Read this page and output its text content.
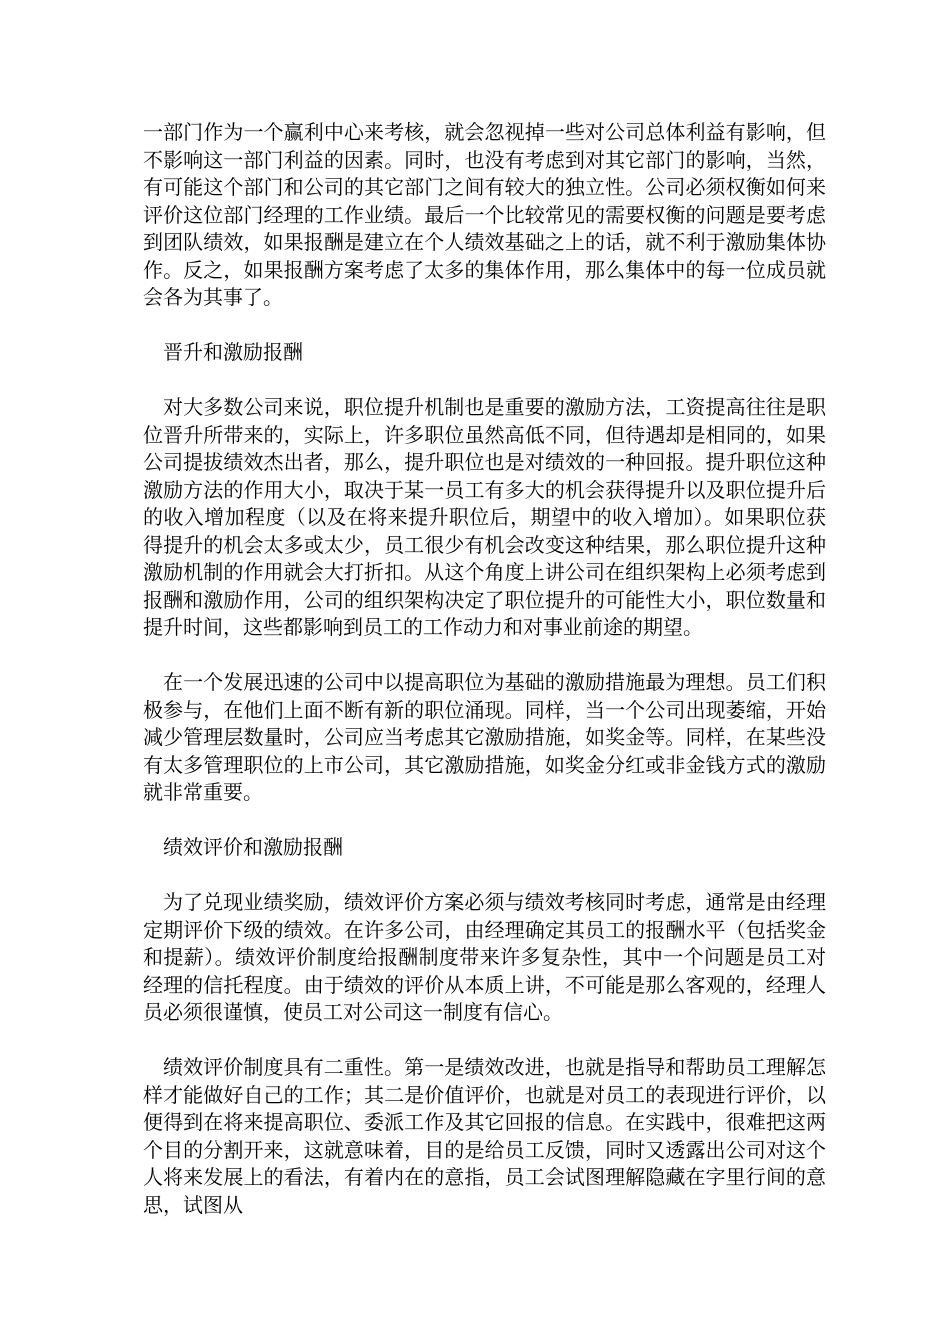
一部门作为一个赢利中心来考核，就会忽视掉一些对公司总体利益有影响，但不影响这一部门利益的因素。同时，也没有考虑到对其它部门的影响，当然，有可能这个部门和公司的其它部门之间有较大的独立性。公司必须权衡如何来评价这位部门经理的工作业绩。最后一个比较常见的需要权衡的问题是要考虑到团队绩效，如果报酬是建立在个人绩效基础之上的话，就不利于激励集体协作。反之，如果报酬方案考虑了太多的集体作用，那么集体中的每一位成员就会各为其事了。

晋升和激励报酬

对大多数公司来说，职位提升机制也是重要的激励方法，工资提高往往是职位晋升所带来的，实际上，许多职位虽然高低不同，但待遇却是相同的，如果公司提拔绩效杰出者，那么，提升职位也是对绩效的一种回报。提升职位这种激励方法的作用大小，取决于某一员工有多大的机会获得提升以及职位提升后的收入增加程度（以及在将来提升职位后，期望中的收入增加）。如果职位获得提升的机会太多或太少，员工很少有机会改变这种结果，那么职位提升这种激励机制的作用就会大打折扣。从这个角度上讲公司在组织架构上必须考虑到报酬和激励作用，公司的组织架构决定了职位提升的可能性大小，职位数量和提升时间，这些都影响到员工的工作动力和对事业前途的期望。

在一个发展迅速的公司中以提高职位为基础的激励措施最为理想。员工们积极参与，在他们上面不断有新的职位涌现。同样，当一个公司出现萎缩，开始减少管理层数量时，公司应当考虑其它激励措施，如奖金等。同样，在某些没有太多管理职位的上市公司，其它激励措施，如奖金分红或非金钱方式的激励就非常重要。

绩效评价和激励报酬

为了兑现业绩奖励，绩效评价方案必须与绩效考核同时考虑，通常是由经理定期评价下级的绩效。在许多公司，由经理确定其员工的报酬水平（包括奖金和提薪）。绩效评价制度给报酬制度带来许多复杂性，其中一个问题是员工对经理的信托程度。由于绩效的评价从本质上讲，不可能是那么客观的，经理人员必须很谨慎，使员工对公司这一制度有信心。

绩效评价制度具有二重性。第一是绩效改进，也就是指导和帮助员工理解怎样才能做好自己的工作；其二是价值评价，也就是对员工的表现进行评价，以便得到在将来提高职位、委派工作及其它回报的信息。在实践中，很难把这两个目的分割开来，这就意味着，目的是给员工反馈，同时又透露出公司对这个人将来发展上的看法，有着内在的意指，员工会试图理解隐藏在字里行间的意思，试图从
